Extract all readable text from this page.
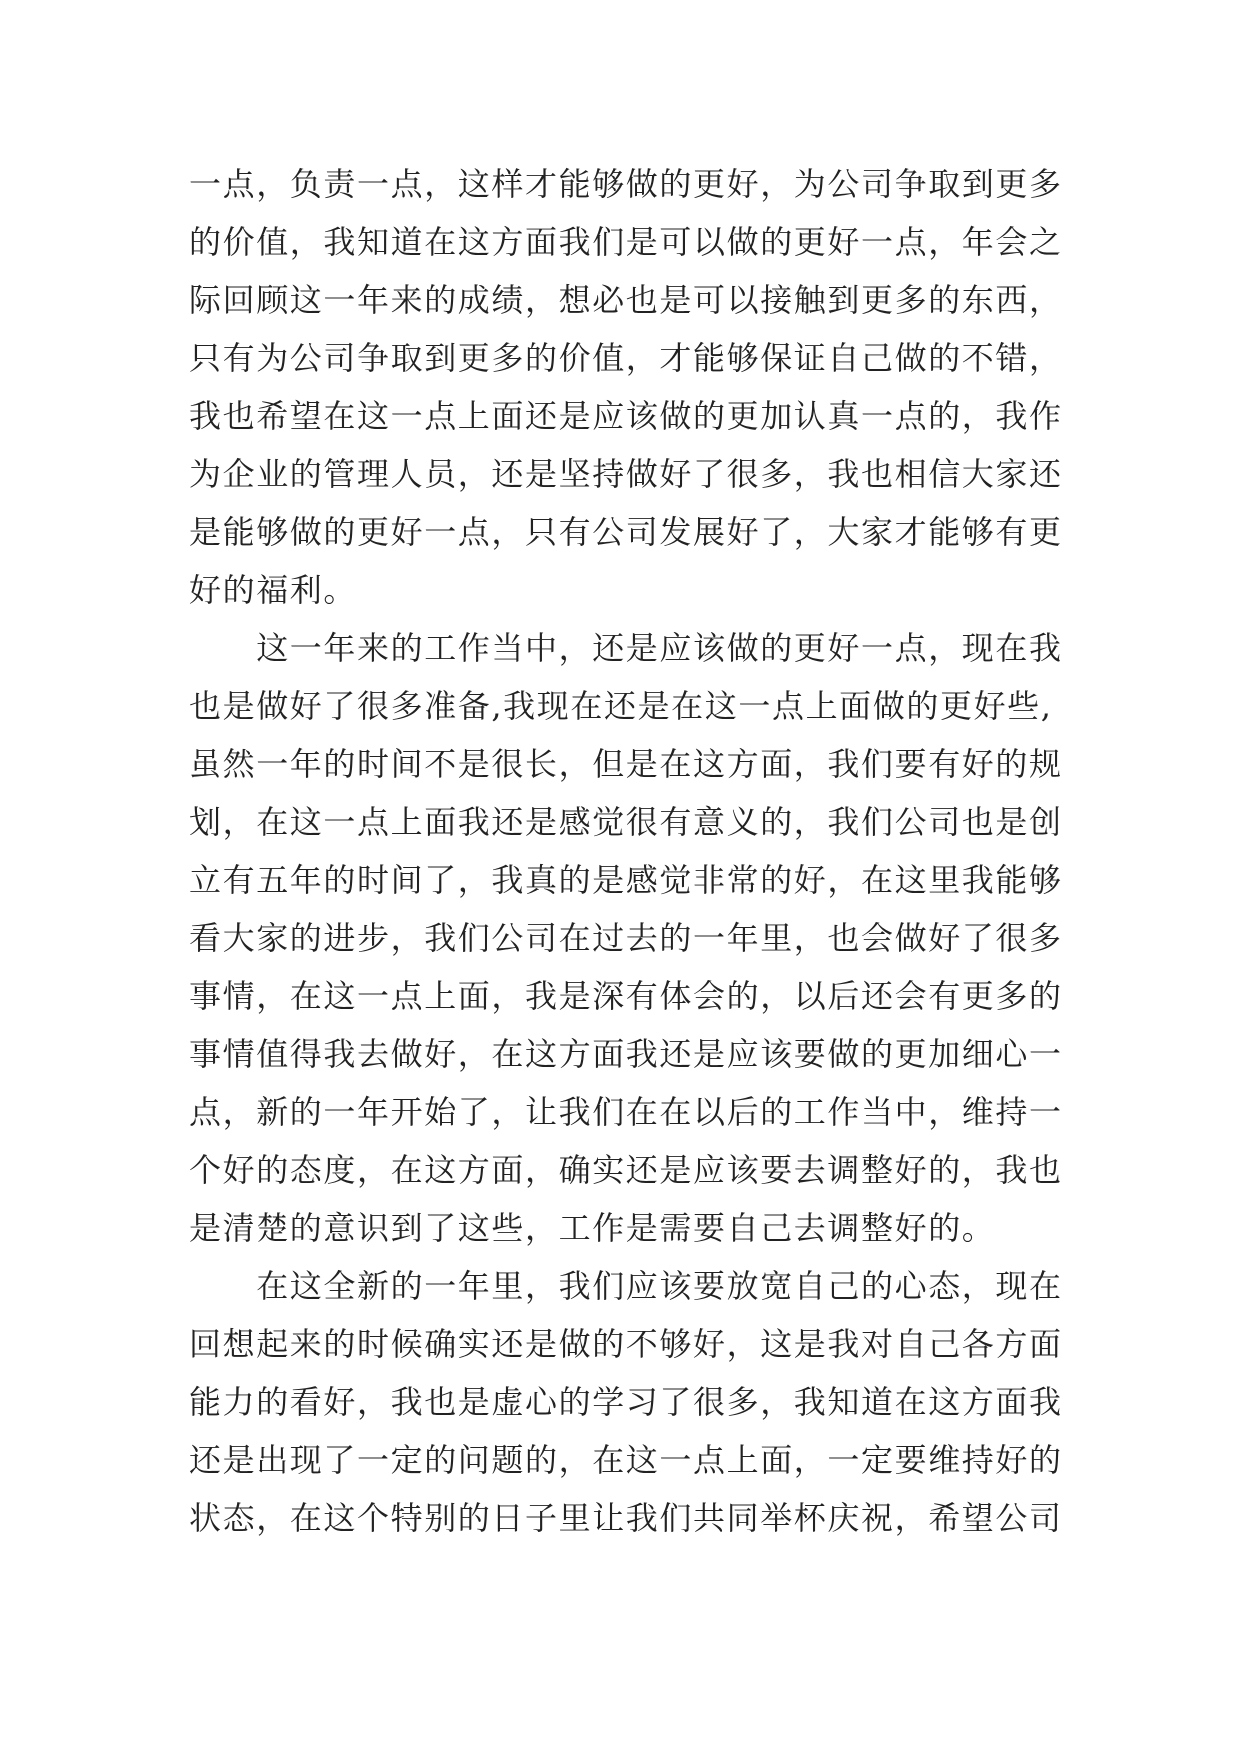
一点，负责一点，这样才能够做的更好，为公司争取到更多
的价值，我知道在这方面我们是可以做的更好一点，年会之
际回顾这一年来的成绩，想必也是可以接触到更多的东西，
只有为公司争取到更多的价值，才能够保证自己做的不错，
我也希望在这一点上面还是应该做的更加认真一点的，我作
为企业的管理人员，还是坚持做好了很多，我也相信大家还
是能够做的更好一点，只有公司发展好了，大家才能够有更
好的福利。
　　这一年来的工作当中，还是应该做的更好一点，现在我
也是做好了很多准备,我现在还是在这一点上面做的更好些,
虽然一年的时间不是很长，但是在这方面，我们要有好的规
划，在这一点上面我还是感觉很有意义的，我们公司也是创
立有五年的时间了，我真的是感觉非常的好，在这里我能够
看大家的进步，我们公司在过去的一年里，也会做好了很多
事情，在这一点上面，我是深有体会的，以后还会有更多的
事情值得我去做好，在这方面我还是应该要做的更加细心一
点，新的一年开始了，让我们在在以后的工作当中，维持一
个好的态度，在这方面，确实还是应该要去调整好的，我也
是清楚的意识到了这些，工作是需要自己去调整好的。
　　在这全新的一年里，我们应该要放宽自己的心态，现在
回想起来的时候确实还是做的不够好，这是我对自己各方面
能力的看好，我也是虚心的学习了很多，我知道在这方面我
还是出现了一定的问题的，在这一点上面，一定要维持好的
状态，在这个特别的日子里让我们共同举杯庆祝，希望公司
